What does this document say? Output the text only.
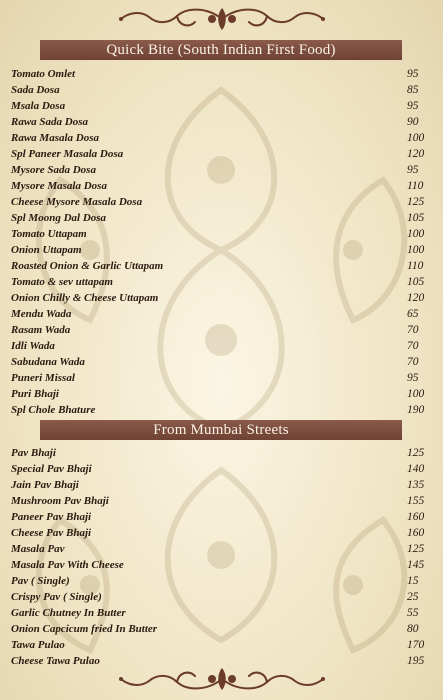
Quick Bite (South Indian First Food)
Tomato Omlet	95
Sada Dosa	85
Msala Dosa	95
Rawa Sada Dosa	90
Rawa Masala Dosa	100
Spl Paneer Masala Dosa	120
Mysore Sada Dosa	95
Mysore Masala Dosa	110
Cheese Mysore Masala Dosa	125
Spl Moong Dal Dosa	105
Tomato Uttapam	100
Onion Uttapam	100
Roasted Onion & Garlic Uttapam	110
Tomato & sev uttapam	105
Onion Chilly & Cheese Uttapam	120
Mendu Wada	65
Rasam Wada	70
Idli Wada	70
Sabudana Wada	70
Puneri Missal	95
Puri Bhaji	100
Spl Chole Bhature	190
From Mumbai Streets
Pav Bhaji	125
Special Pav Bhaji	140
Jain Pav Bhaji	135
Mushroom Pav Bhaji	155
Paneer Pav Bhaji	160
Cheese Pav Bhaji	160
Masala Pav	125
Masala Pav With Cheese	145
Pav ( Single)	15
Crispy Pav ( Single)	25
Garlic Chutney In Butter	55
Onion Capcicum fried In Butter	80
Tawa Pulao	170
Cheese Tawa Pulao	195
